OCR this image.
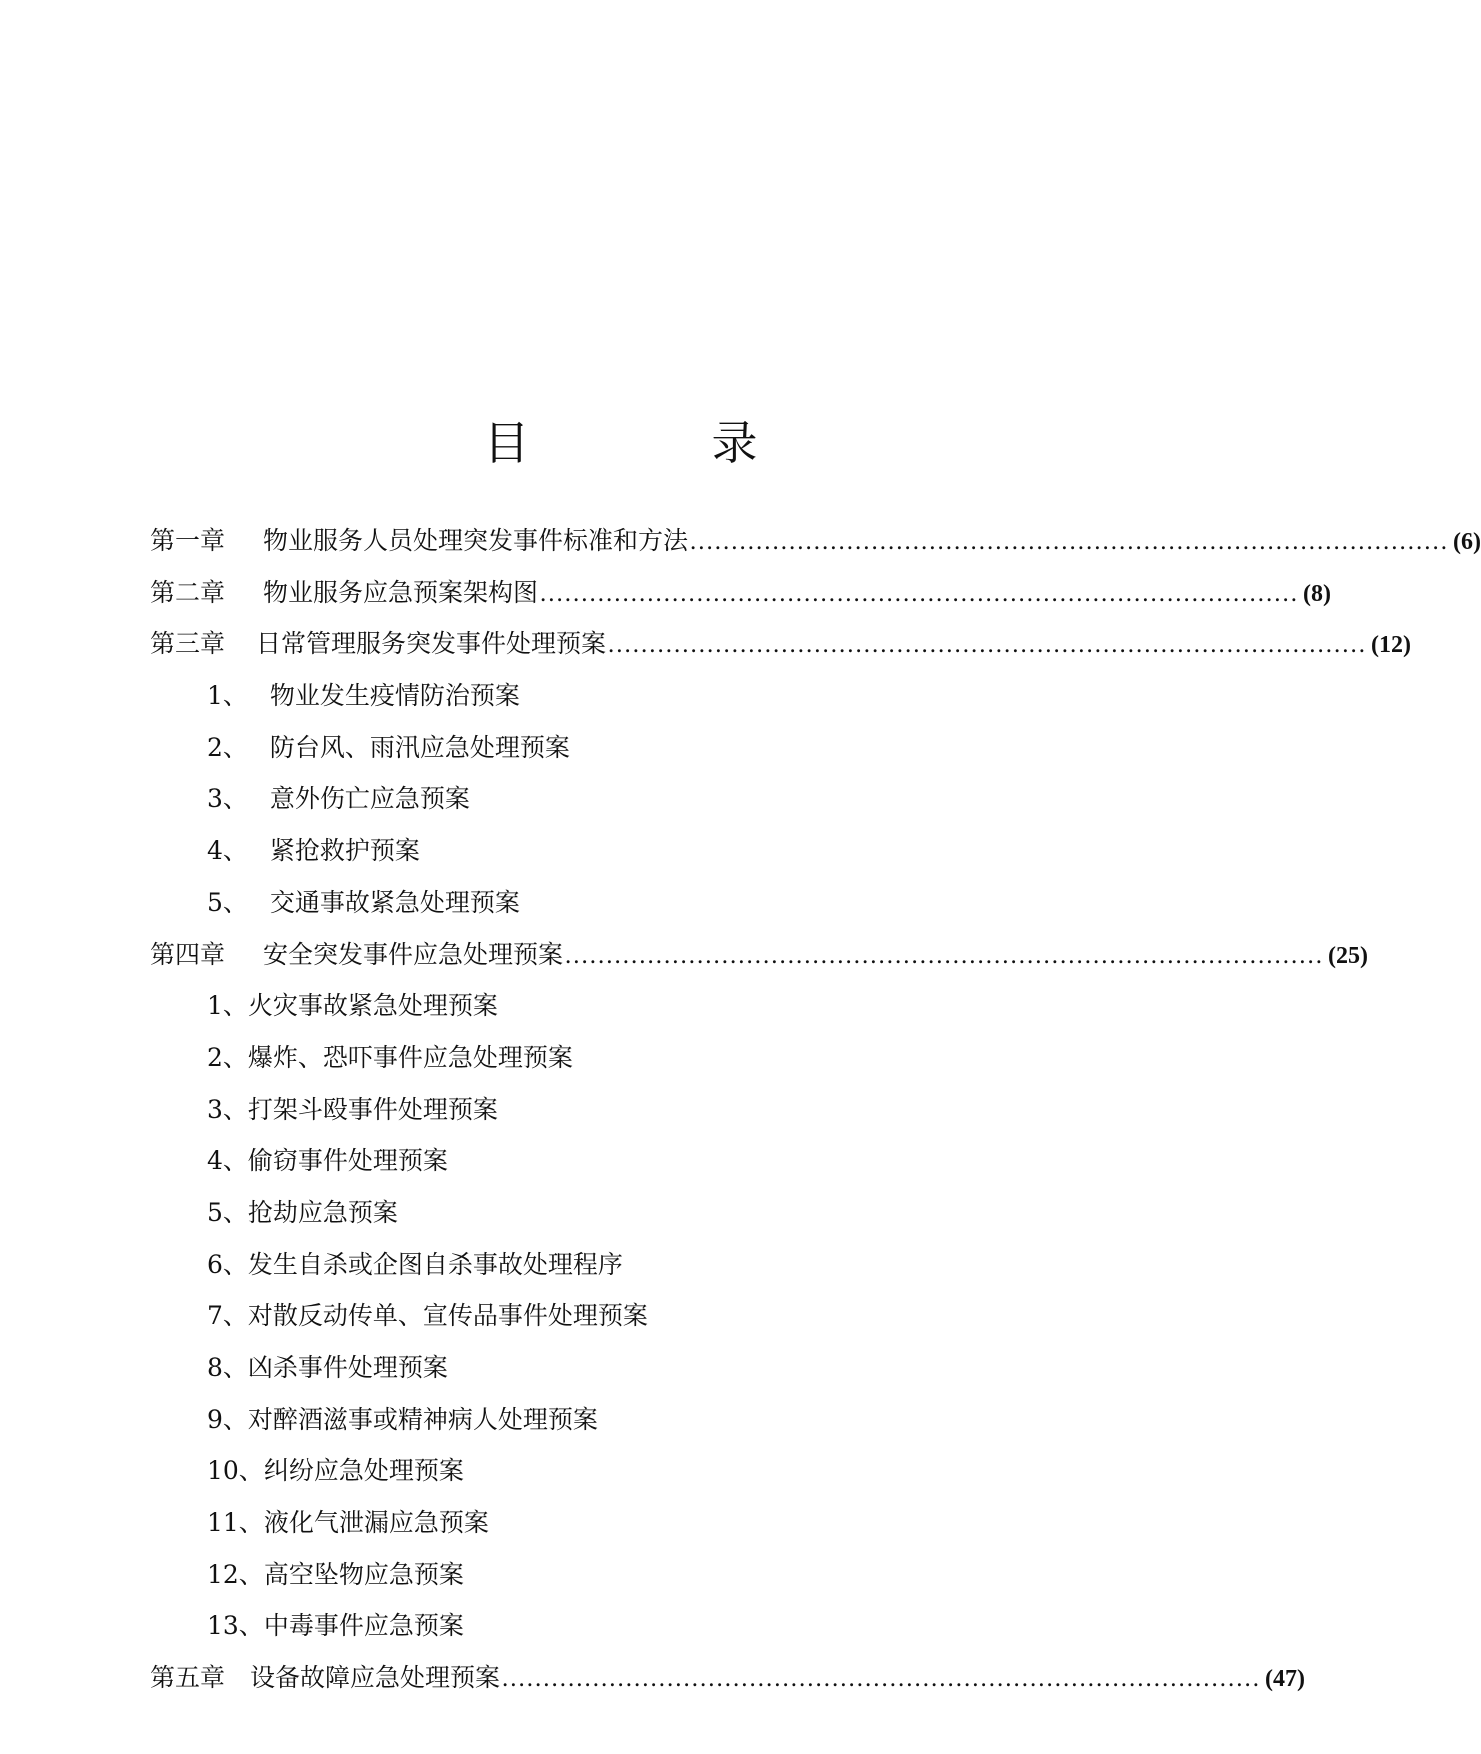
目　录
第一章 物业服务人员处理突发事件标准和方法 ............................................................................................ (6)
第二章 物业服务应急预案架构图 ............................................................................................ (8)
第三章 日常管理服务突发事件处理预案 ............................................................................................ (12)
1、 物业发生疫情防治预案
2、 防台风、雨汛应急处理预案
3、 意外伤亡应急预案
4、 紧抢救护预案
5、 交通事故紧急处理预案
第四章 安全突发事件应急处理预案 ............................................................................................ (25)
1、火灾事故紧急处理预案
2、爆炸、恐吓事件应急处理预案
3、打架斗殴事件处理预案
4、偷窃事件处理预案
5、抢劫应急预案
6、发生自杀或企图自杀事故处理程序
7、对散反动传单、宣传品事件处理预案
8、凶杀事件处理预案
9、对醉酒滋事或精神病人处理预案
10、纠纷应急处理预案
11、液化气泄漏应急预案
12、高空坠物应急预案
13、中毒事件应急预案
第五章 设备故障应急处理预案 ............................................................................................ (47)
